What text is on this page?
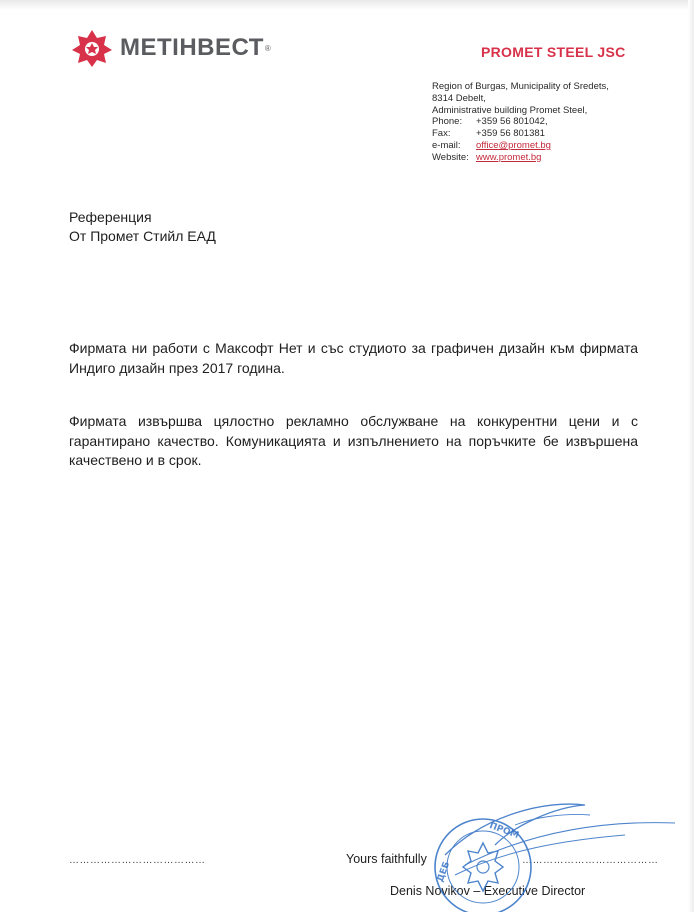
МЕТІНВЕСТ ®	PROMET STEEL JSC
Region of Burgas, Municipality of Sredets,
8314 Debelt,
Administrative building Promet Steel,
Phone: +359 56 801042,
Fax:	+359 56 801381
e-mail: office@promet.bg
Website: www.promet.bg
Референция
От Промет Стийл ЕАД
Фирмата ни работи с Максофт Нет и със студиото за графичен дизайн към фирмата Индиго дизайн през 2017 година.
Фирмата извършва цялостно рекламно обслужване на конкурентни цени и с гарантирано качество. Комуникацията и изпълнението на поръчките бе извършена качествено и в срок.
…………………………………	Yours faithfully	…………………………………
Denis Novikov – Executive Director
ПРОМ
ДЕБ
